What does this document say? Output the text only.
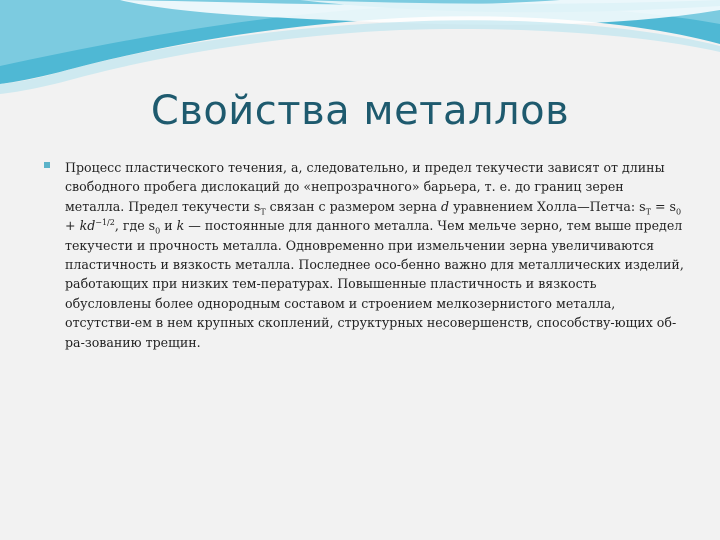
Свойства металлов

Процесс пластического течения, а, следовательно, и предел текучести зависят от длины свободного пробега дислокаций до «непрозрачного» барьера, т. е. до границ зерен металла. Предел текучести $s_T$ связан с размером зерна d уравнением Холла—Петча: $s_T = s_0 + kd^{-1/2}$, где $s_0$ и k — постоянные для данного металла. Чем мельче зерно, тем выше предел текучести и прочность металла. Одновременно при измельчении зерна увеличиваются пластичность и вязкость металла. Последнее осо-бенно важно для металлических изделий, работающих при низких тем-пературах. Повышенные пластичность и вязкость обусловлены более однородным составом и строением мелкозернистого металла, отсутстви-ем в нем крупных скоплений, структурных несовершенств, способству-ющих об-ра-зованию трещин.
